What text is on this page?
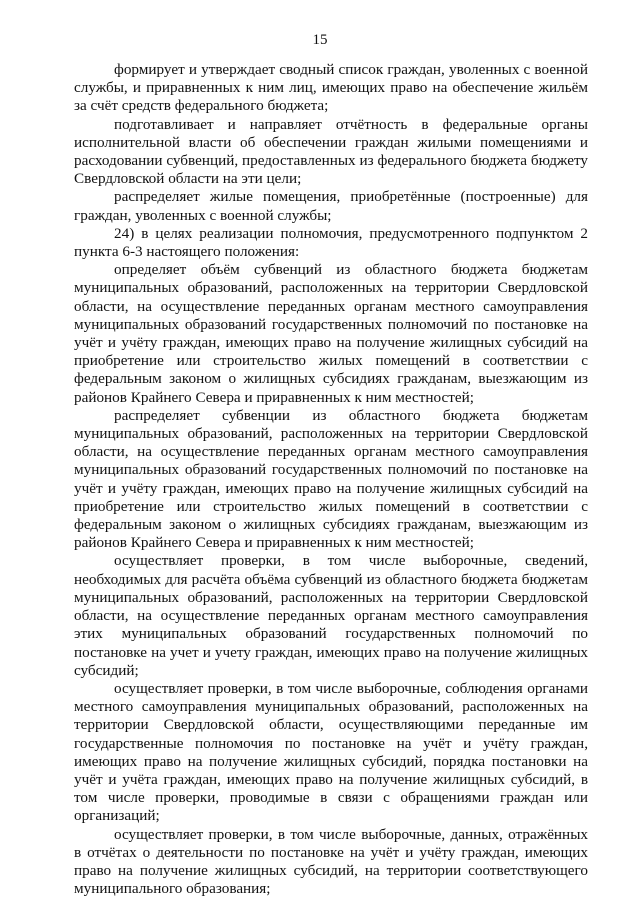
15

формирует и утверждает сводный список граждан, уволенных с военной службы, и приравненных к ним лиц, имеющих право на обеспечение жильём за счёт средств федерального бюджета;

подготавливает и направляет отчётность в федеральные органы исполнительной власти об обеспечении граждан жилыми помещениями и расходовании субвенций, предоставленных из федерального бюджета бюджету Свердловской области на эти цели;

распределяет жилые помещения, приобретённые (построенные) для граждан, уволенных с военной службы;

24) в целях реализации полномочия, предусмотренного подпунктом 2 пункта 6-3 настоящего положения:

определяет объём субвенций из областного бюджета бюджетам муниципальных образований, расположенных на территории Свердловской области, на осуществление переданных органам местного самоуправления муниципальных образований государственных полномочий по постановке на учёт и учёту граждан, имеющих право на получение жилищных субсидий на приобретение или строительство жилых помещений в соответствии с федеральным законом о жилищных субсидиях гражданам, выезжающим из районов Крайнего Севера и приравненных к ним местностей;

распределяет субвенции из областного бюджета бюджетам муниципальных образований, расположенных на территории Свердловской области, на осуществление переданных органам местного самоуправления муниципальных образований государственных полномочий по постановке на учёт и учёту граждан, имеющих право на получение жилищных субсидий на приобретение или строительство жилых помещений в соответствии с федеральным законом о жилищных субсидиях гражданам, выезжающим из районов Крайнего Севера и приравненных к ним местностей;

осуществляет проверки, в том числе выборочные, сведений, необходимых для расчёта объёма субвенций из областного бюджета бюджетам муниципальных образований, расположенных на территории Свердловской области, на осуществление переданных органам местного самоуправления этих муниципальных образований государственных полномочий по постановке на учет и учету граждан, имеющих право на получение жилищных субсидий;

осуществляет проверки, в том числе выборочные, соблюдения органами местного самоуправления муниципальных образований, расположенных на территории Свердловской области, осуществляющими переданные им государственные полномочия по постановке на учёт и учёту граждан, имеющих право на получение жилищных субсидий, порядка постановки на учёт и учёта граждан, имеющих право на получение жилищных субсидий, в том числе проверки, проводимые в связи с обращениями граждан или организаций;

осуществляет проверки, в том числе выборочные, данных, отражённых в отчётах о деятельности по постановке на учёт и учёту граждан, имеющих право на получение жилищных субсидий, на территории соответствующего муниципального образования;
